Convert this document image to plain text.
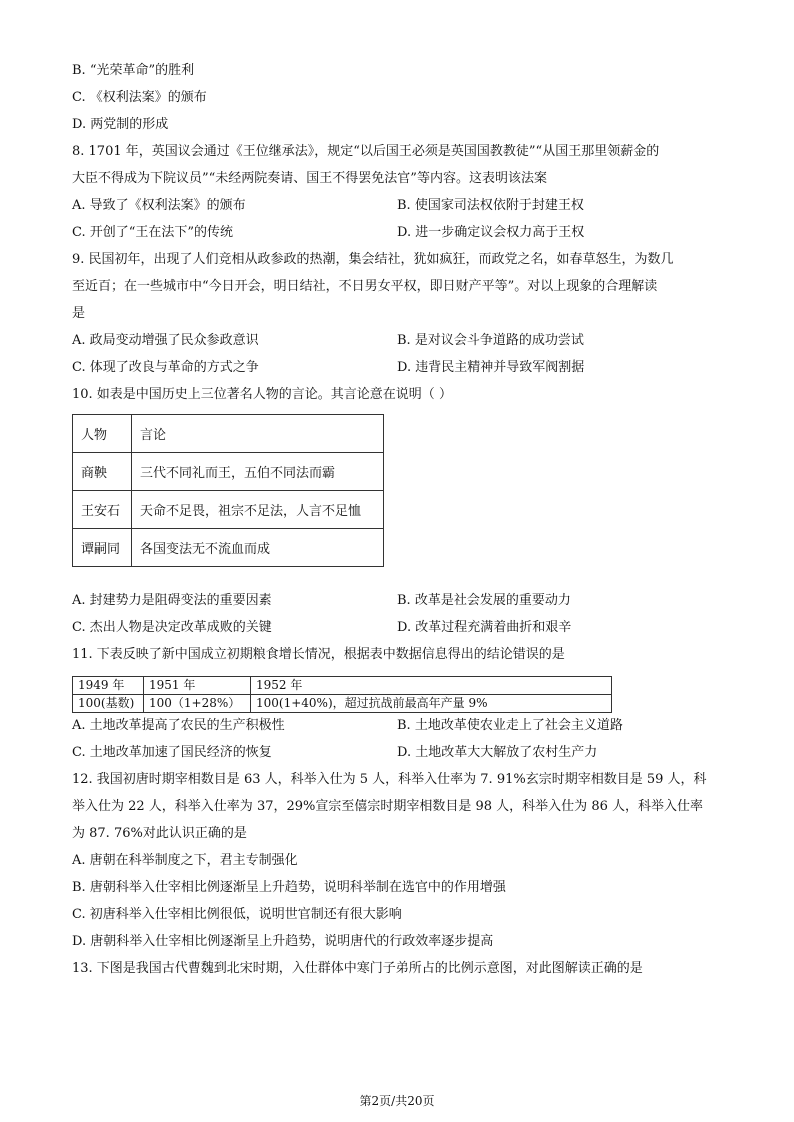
B. “光荣革命”的胜利
C. 《权利法案》的颁布
D. 两党制的形成
8. 1701 年，英国议会通过《王位继承法》，规定“以后国王必须是英国国教教徒”“从国王那里领薪金的
大臣不得成为下院议员”“未经两院奏请、国王不得罢免法官”等内容。这表明该法案
A. 导致了《权利法案》的颁布	B. 使国家司法权依附于封建王权
C. 开创了“王在法下”的传统	D. 进一步确定议会权力高于王权
9. 民国初年，出现了人们竞相从政参政的热潮，集会结社，犹如疯狂，而政党之名，如春草怒生，为数几
至近百；在一些城市中“今日开会，明日结社，不日男女平权，即日财产平等”。对以上现象的合理解读
是
A. 政局变动增强了民众参政意识	B. 是对议会斗争道路的成功尝试
C. 体现了改良与革命的方式之争	D. 违背民主精神并导致军阀割据
10. 如表是中国历史上三位著名人物的言论。其言论意在说明（ ）
人物	言论
商鞅	三代不同礼而王，五伯不同法而霸
王安石	天命不足畏，祖宗不足法，人言不足恤
谭嗣同	各国变法无不流血而成
A. 封建势力是阻碍变法的重要因素	B. 改革是社会发展的重要动力
C. 杰出人物是决定改革成败的关键	D. 改革过程充满着曲折和艰辛
11. 下表反映了新中国成立初期粮食增长情况，根据表中数据信息得出的结论错误的是
1949 年	1951 年	1952 年
100(基数)	100（1+28%）	100(1+40%)，超过抗战前最高年产量 9%
A. 土地改革提高了农民的生产积极性	B. 土地改革使农业走上了社会主义道路
C. 土地改革加速了国民经济的恢复	D. 土地改革大大解放了农村生产力
12. 我国初唐时期宰相数目是 63 人，科举入仕为 5 人，科举入仕率为 7. 91%玄宗时期宰相数目是 59 人，科
举入仕为 22 人，科举入仕率为 37，29%宣宗至僖宗时期宰相数目是 98 人，科举入仕为 86 人，科举入仕率
为 87. 76%对此认识正确的是
A. 唐朝在科举制度之下，君主专制强化
B. 唐朝科举入仕宰相比例逐渐呈上升趋势，说明科举制在选官中的作用增强
C. 初唐科举入仕宰相比例很低，说明世官制还有很大影响
D. 唐朝科举入仕宰相比例逐渐呈上升趋势，说明唐代的行政效率逐步提高
13. 下图是我国古代曹魏到北宋时期，入仕群体中寒门子弟所占的比例示意图，对此图解读正确的是
第2页/共20页
